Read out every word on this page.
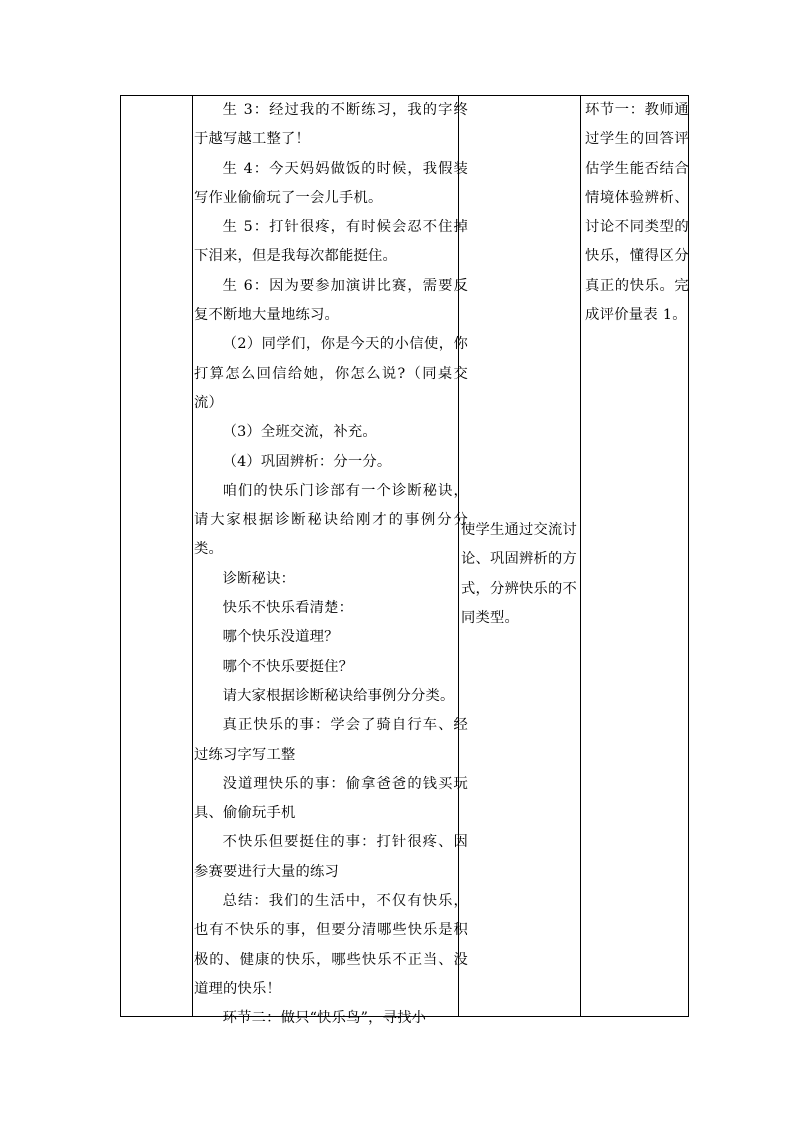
生 3：经过我的不断练习，我的字终于越写越工整了！

生 4：今天妈妈做饭的时候，我假装写作业偷偷玩了一会儿手机。

生 5：打针很疼，有时候会忍不住掉下泪来，但是我每次都能挺住。

生 6：因为要参加演讲比赛，需要反复不断地大量地练习。

（2）同学们，你是今天的小信使，你打算怎么回信给她，你怎么说?（同桌交流）

（3）全班交流，补充。

（4）巩固辨析：分一分。

咱们的快乐门诊部有一个诊断秘诀，请大家根据诊断秘诀给刚才的事例分分类。

诊断秘诀：

快乐不快乐看清楚：

哪个快乐没道理？

哪个不快乐要挺住？

请大家根据诊断秘诀给事例分分类。

真正快乐的事：学会了骑自行车、经过练习字写工整

没道理快乐的事：偷拿爸爸的钱买玩具、偷偷玩手机

不快乐但要挺住的事：打针很疼、因参赛要进行大量的练习

总结：我们的生活中，不仅有快乐，也有不快乐的事，但要分清哪些快乐是积极的、健康的快乐，哪些快乐不正当、没道理的快乐！

环节二：做只“快乐鸟”，寻找小

使学生通过交流讨论、巩固辨析的方式，分辨快乐的不同类型。

环节一：教师通过学生的回答评估学生能否结合情境体验辨析、讨论不同类型的快乐，懂得区分真正的快乐。完成评价量表 1。
